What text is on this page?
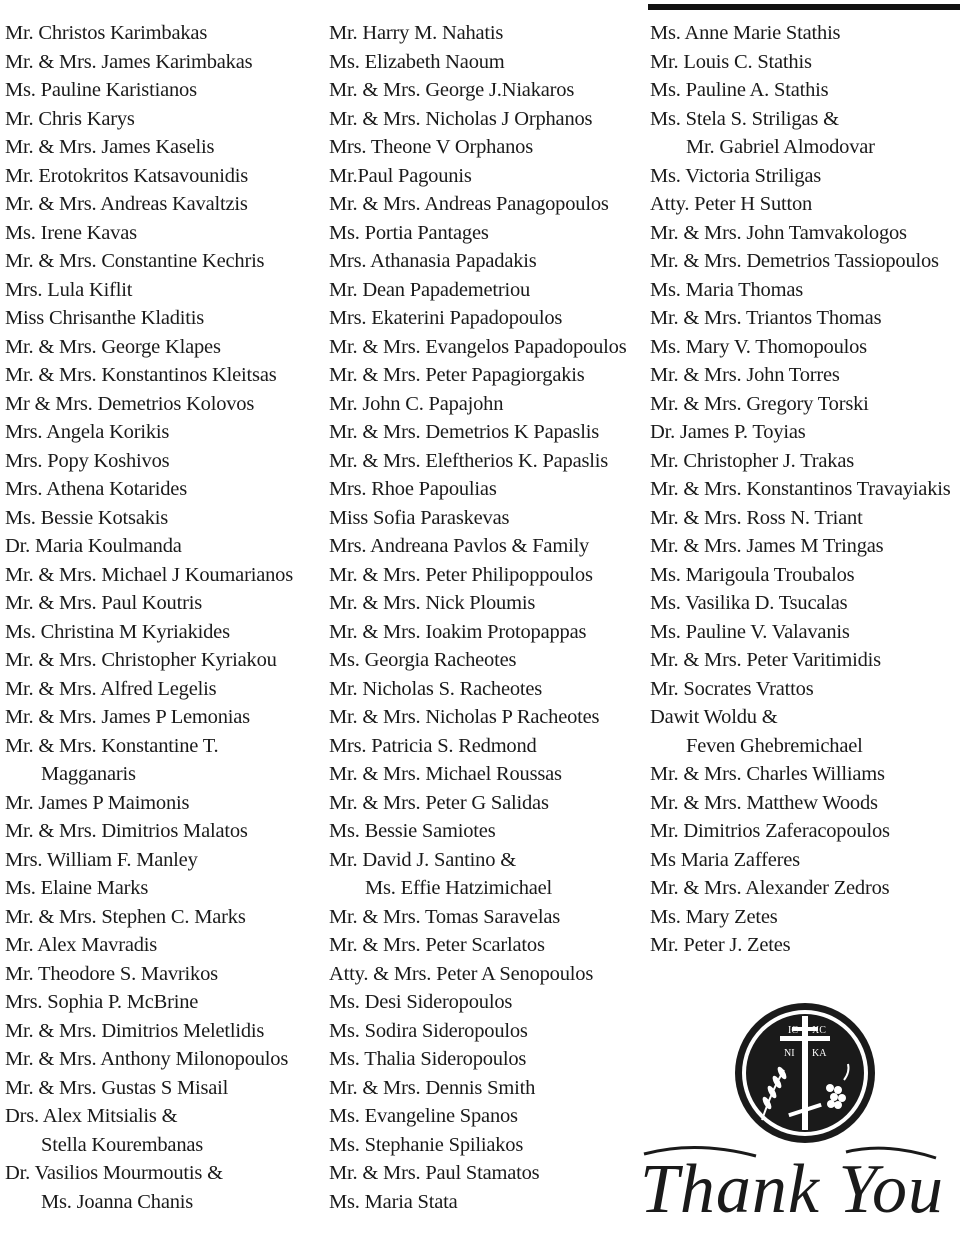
Mr. Christos Karimbakas
Mr. & Mrs. James Karimbakas
Ms. Pauline Karistianos
Mr. Chris Karys
Mr. & Mrs. James Kaselis
Mr. Erotokritos Katsavounidis
Mr. & Mrs. Andreas Kavaltzis
Ms. Irene Kavas
Mr. & Mrs. Constantine Kechris
Mrs. Lula Kiflit
Miss Chrisanthe Kladitis
Mr. & Mrs. George Klapes
Mr. & Mrs. Konstantinos Kleitsas
Mr & Mrs. Demetrios Kolovos
Mrs. Angela Korikis
Mrs. Popy Koshivos
Mrs. Athena Kotarides
Ms. Bessie Kotsakis
Dr. Maria Koulmanda
Mr. & Mrs. Michael J Koumarianos
Mr. & Mrs. Paul Koutris
Ms. Christina M Kyriakides
Mr. & Mrs. Christopher Kyriakou
Mr. & Mrs. Alfred Legelis
Mr. & Mrs. James P Lemonias
Mr. & Mrs. Konstantine T.
Magganaris
Mr. James P Maimonis
Mr. & Mrs. Dimitrios Malatos
Mrs. William F. Manley
Ms. Elaine Marks
Mr. & Mrs. Stephen C. Marks
Mr. Alex Mavradis
Mr. Theodore S. Mavrikos
Mrs. Sophia P. McBrine
Mr. & Mrs. Dimitrios Meletlidis
Mr. & Mrs. Anthony Milonopoulos
Mr. & Mrs. Gustas S Misail
Drs. Alex Mitsialis &
Stella Kourembanas
Dr. Vasilios Mourmoutis &
Ms. Joanna Chanis
Mr. Harry M. Nahatis
Ms. Elizabeth Naoum
Mr. & Mrs. George J.Niakaros
Mr. & Mrs. Nicholas J Orphanos
Mrs. Theone V Orphanos
Mr.Paul Pagounis
Mr. & Mrs. Andreas Panagopoulos
Ms. Portia Pantages
Mrs. Athanasia Papadakis
Mr. Dean Papademetriou
Mrs. Ekaterini Papadopoulos
Mr. & Mrs. Evangelos Papadopoulos
Mr. & Mrs. Peter Papagiorgakis
Mr. John C. Papajohn
Mr. & Mrs. Demetrios K Papaslis
Mr. & Mrs. Eleftherios K. Papaslis
Mrs. Rhoe Papoulias
Miss Sofia Paraskevas
Mrs. Andreana Pavlos & Family
Mr. & Mrs. Peter Philipoppoulos
Mr. & Mrs. Nick Ploumis
Mr. & Mrs. Ioakim Protopappas
Ms. Georgia Racheotes
Mr. Nicholas S. Racheotes
Mr. & Mrs. Nicholas P Racheotes
Mrs. Patricia S. Redmond
Mr. & Mrs. Michael Roussas
Mr. & Mrs. Peter G Salidas
Ms. Bessie Samiotes
Mr. David J. Santino &
Ms. Effie Hatzimichael
Mr. & Mrs. Tomas Saravelas
Mr. & Mrs. Peter Scarlatos
Atty. & Mrs. Peter A Senopoulos
Ms. Desi Sideropoulos
Ms. Sodira Sideropoulos
Ms. Thalia Sideropoulos
Mr. & Mrs. Dennis Smith
Ms. Evangeline Spanos
Ms. Stephanie Spiliakos
Mr. & Mrs. Paul Stamatos
Ms. Maria Stata
Ms. Anne Marie Stathis
Mr. Louis C. Stathis
Ms. Pauline A. Stathis
Ms. Stela S. Striligas &
Mr. Gabriel Almodovar
Ms. Victoria Striligas
Atty. Peter H Sutton
Mr. & Mrs. John Tamvakologos
Mr. & Mrs. Demetrios Tassiopoulos
Ms. Maria Thomas
Mr. & Mrs. Triantos Thomas
Ms. Mary V. Thomopoulos
Mr. & Mrs. John Torres
Mr. & Mrs. Gregory Torski
Dr. James P. Toyias
Mr. Christopher J. Trakas
Mr. & Mrs. Konstantinos Travayiakis
Mr. & Mrs. Ross N. Triant
Mr. & Mrs. James M Tringas
Ms. Marigoula Troubalos
Ms. Vasilika D. Tsucalas
Ms. Pauline V. Valavanis
Mr. & Mrs. Peter Varitimidis
Mr. Socrates Vrattos
Dawit Woldu &
Feven Ghebremichael
Mr. & Mrs. Charles Williams
Mr. & Mrs. Matthew Woods
Mr. Dimitrios Zaferacopoulos
Ms Maria Zafferes
Mr. & Mrs. Alexander Zedros
Ms. Mary Zetes
Mr. Peter J. Zetes
IC XC
NI KA
Thank You
